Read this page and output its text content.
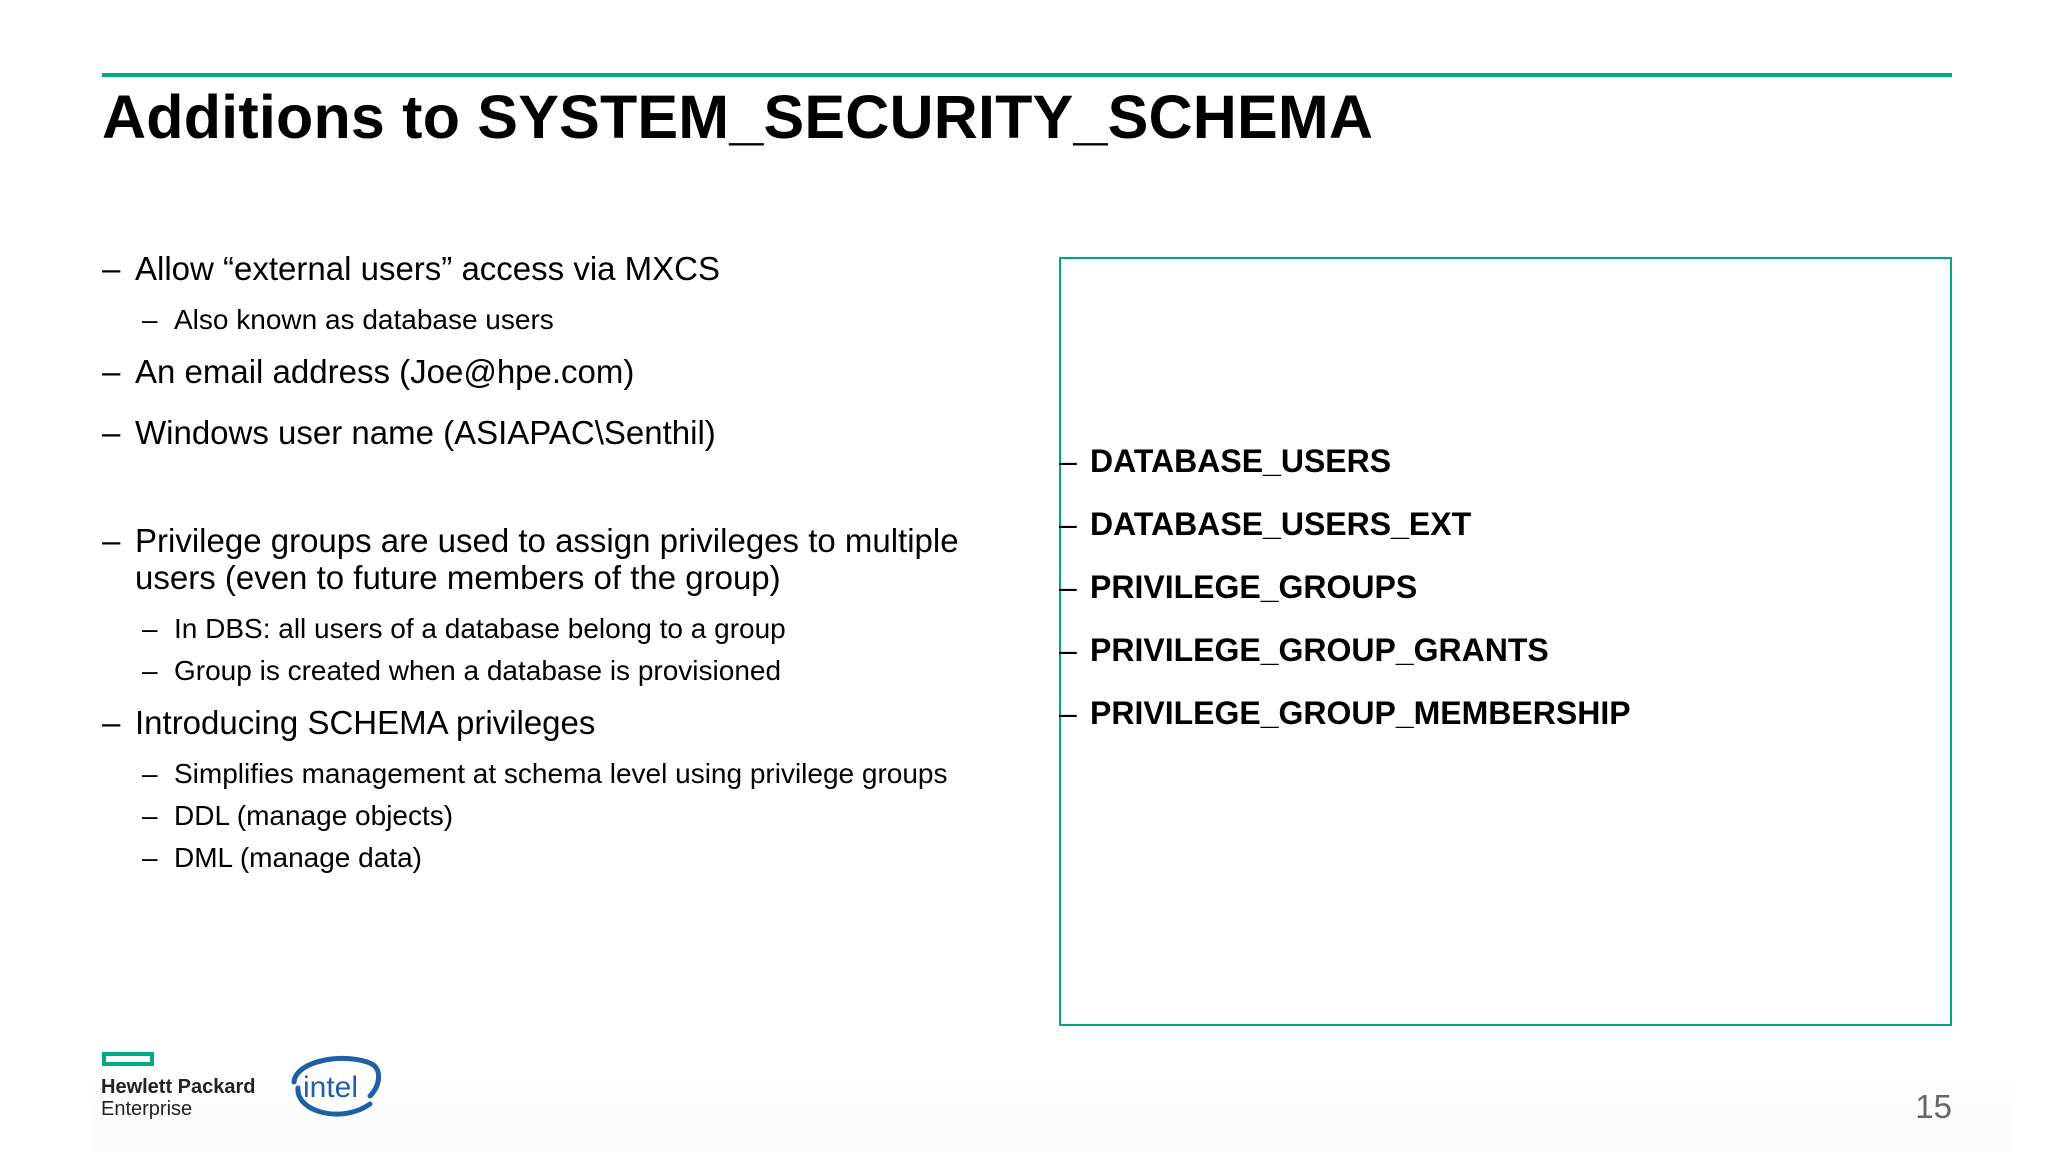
Additions to SYSTEM_SECURITY_SCHEMA
– Allow “external users” access via MXCS
– Also known as database users
– An email address (Joe@hpe.com)
– Windows user name (ASIAPAC\Senthil)
– Privilege groups are used to assign privileges to multiple users (even to future members of the group)
– In DBS: all users of a database belong to a group
– Group is created when a database is provisioned
– Introducing SCHEMA privileges
– Simplifies management at schema level using privilege groups
– DDL (manage objects)
– DML (manage data)
– DATABASE_USERS
– DATABASE_USERS_EXT
– PRIVILEGE_GROUPS
– PRIVILEGE_GROUP_GRANTS
– PRIVILEGE_GROUP_MEMBERSHIP
Hewlett Packard
Enterprise
intel
15
